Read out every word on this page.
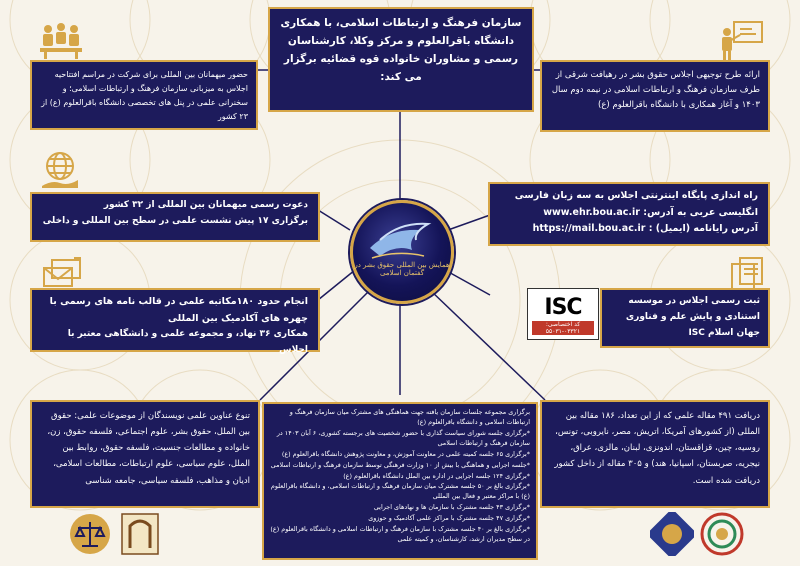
سازمان فرهنگ و ارتباطات اسلامی، با همکاری دانشگاه باقرالعلوم و مرکز وکلا، کارشناسان رسمی و مشاوران خانواده قوه قضائیه برگزار می کند:
حضور میهمانان بین المللی برای شرکت در مراسم افتتاحیه اجلاس به میزبانی سازمان فرهنگ و ارتباطات اسلامی؛ و سخنرانی علمی در پنل های تخصصی دانشگاه باقرالعلوم (ع) از ۲۳ کشور
ارائه طرح توجیهی اجلاس حقوق بشر در رهیافت شرقی از طرف سازمان فرهنگ و ارتباطات اسلامی در نیمه دوم سال ۱۴۰۳ و آغاز همکاری با دانشگاه باقرالعلوم (ع)
دعوت رسمی میهمانان بین المللی از ۳۲ کشور
برگزاری ۱۷ پیش نشست علمی در سطح بین المللی و داخلی
راه اندازی پایگاه اینترنتی اجلاس به سه زبان فارسی انگلیسی عربی به آدرس: www.ehr.bou.ac.ir
آدرس رایانامه (ایمیل) : https://mail.bou.ac.ir
همایش بین المللی حقوق بشر در گفتمان اسلامی
انجام حدود ۱۸۰مکاتبه علمی در قالب نامه های رسمی با چهره های آکادمیک بین المللی
همکاری ۳۶ نهاد، و مجموعه علمی و دانشگاهی معتبر با اجلاس
ISC
کد اختصاصی: ۰۳۳۲۱-۵۵۰۳۱
ثبت رسمی اجلاس در موسسه استنادی و پایش علم و فناوری جهان اسلام ISC
تنوع عناوین علمی نویسندگان از موضوعات علمی: حقوق بین الملل، حقوق بشر، علوم اجتماعی، فلسفه حقوق، زن، خانواده و مطالعات جنسیت، فلسفه حقوق، روابط بین الملل، علوم سیاسی، علوم ارتباطات، مطالعات اسلامی، ادیان و مذاهب، فلسفه سیاسی، جامعه شناسی
برگزاری مجموعه جلسات سازمان یافته جهت هماهنگی های مشترک میان سازمان فرهنگ و ارتباطات اسلامی و دانشگاه باقرالعلوم (ع)
*برگزاری جلسه شورای سیاست گذاری با حضور شخصیت های برجسته کشوری، ۶ آبان ۱۴۰۳ در سازمان فرهنگ و ارتباطات اسلامی
*برگزاری ۶۵ جلسه کمیته علمی در معاونت آموزش، و معاونت پژوهش دانشگاه باقرالعلوم (ع)
*جلسه اجرایی و هماهنگی با بیش از ۱۰ وزارت فرهنگی توسط سازمان فرهنگ و ارتباطات اسلامی
*برگزاری ۱۲۴ جلسه اجرایی در اداره بین الملل دانشگاه باقرالعلوم (ع)
*برگزاری بالغ بر ۵۰ جلسه مشترک میان سازمان فرهنگ و ارتباطات اسلامی، و دانشگاه باقرالعلوم (ع) با مراکز معتبر و فعال بین المللی
*برگزاری ۴۳ جلسه مشترک با سازمان ها و نهادهای اجرایی
*برگزاری ۴۷ جلسه مشترک با مراکز علمی آکادمیک و حوزوی
*برگزاری بالغ بر ۴۰ جلسه مشترک با سازمان فرهنگ و ارتباطات اسلامی و دانشگاه باقرالعلوم (ع) در سطح مدیران ارشد، کارشناسان، و کمیته علمی
دریافت ۴۹۱ مقاله علمی که از این تعداد، ۱۸۶ مقاله بین المللی (از کشورهای آمریکا، اتریش، مصر، نایروبی، تونس، روسیه، چین، قزاقستان، اندونزی، لبنان، مالزی، عراق، نیجریه، صربستان، اسپانیا، هند) و ۳۰۵ مقاله از داخل کشور دریافت شده است.
